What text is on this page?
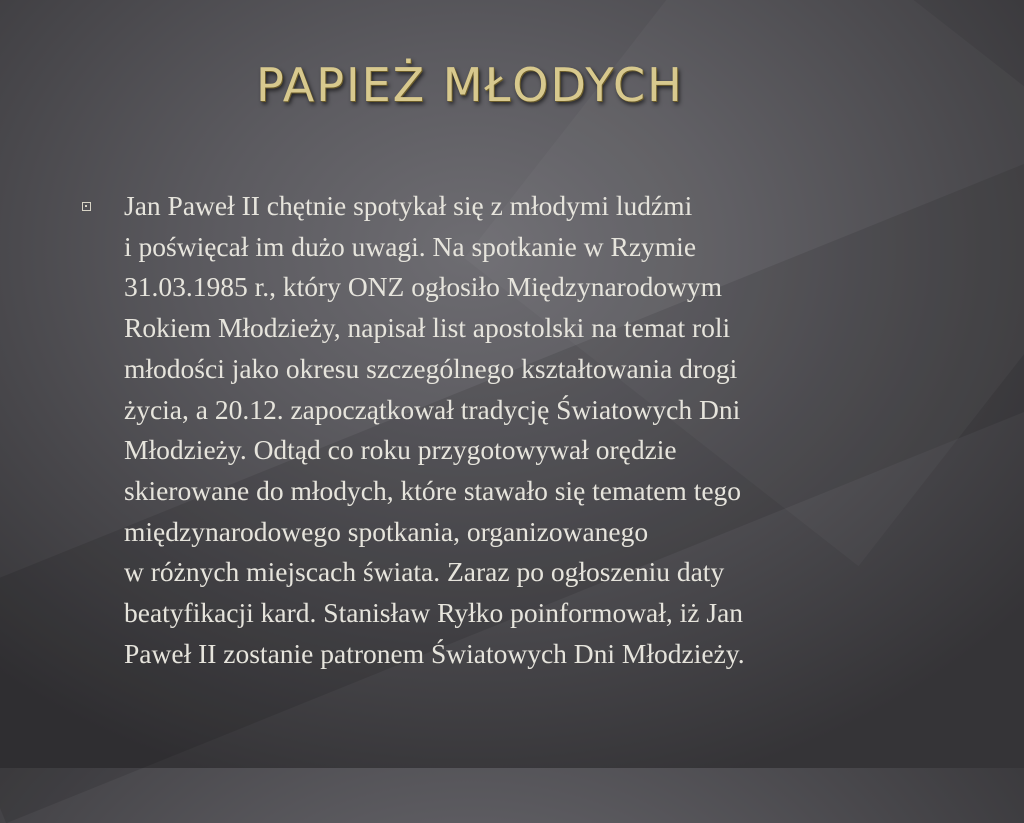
PAPIEŻ MŁODYCH

Jan Paweł II chętnie spotykał się z młodymi ludźmi
i poświęcał im dużo uwagi. Na spotkanie w Rzymie
31.03.1985 r., który ONZ ogłosiło Międzynarodowym
Rokiem Młodzieży, napisał list apostolski na temat roli
młodości jako okresu szczególnego kształtowania drogi
życia, a 20.12. zapoczątkował tradycję Światowych Dni
Młodzieży. Odtąd co roku przygotowywał orędzie
skierowane do młodych, które stawało się tematem tego
międzynarodowego spotkania, organizowanego
w różnych miejscach świata. Zaraz po ogłoszeniu daty
beatyfikacji kard. Stanisław Ryłko poinformował, iż Jan
Paweł II zostanie patronem Światowych Dni Młodzieży.
